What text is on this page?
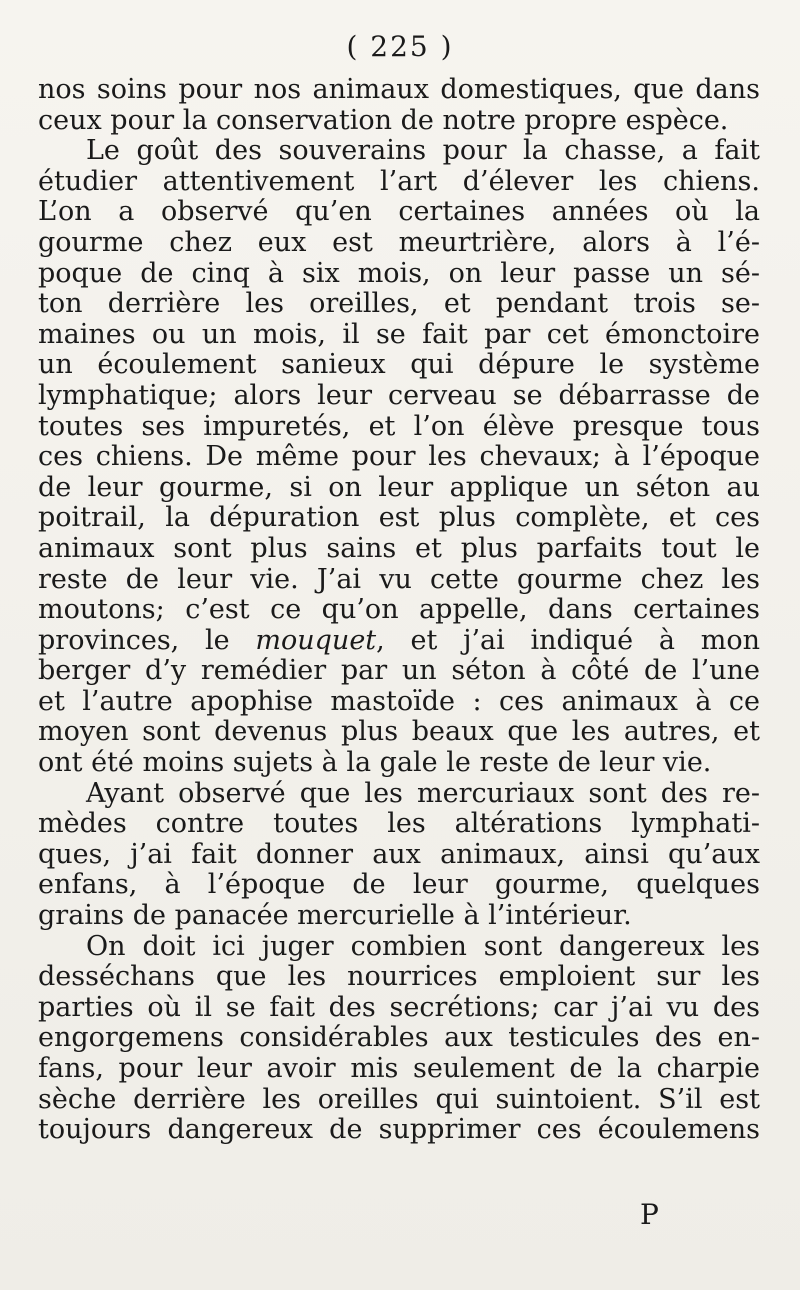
( 225 )
nos soins pour nos animaux domestiques, que dans
ceux pour la conservation de notre propre espèce.
Le goût des souverains pour la chasse, a fait
étudier attentivement l’art d’élever les chiens.
L’on a observé qu’en certaines années où la
gourme chez eux est meurtrière, alors à l’é-
poque de cinq à six mois, on leur passe un sé-
ton derrière les oreilles, et pendant trois se-
maines ou un mois, il se fait par cet émonctoire
un écoulement sanieux qui dépure le système
lymphatique; alors leur cerveau se débarrasse de
toutes ses impuretés, et l’on élève presque tous
ces chiens. De même pour les chevaux; à l’époque
de leur gourme, si on leur applique un séton au
poitrail, la dépuration est plus complète, et ces
animaux sont plus sains et plus parfaits tout le
reste de leur vie. J’ai vu cette gourme chez les
moutons; c’est ce qu’on appelle, dans certaines
provinces, le mouquet, et j’ai indiqué à mon
berger d’y remédier par un séton à côté de l’une
et l’autre apophise mastoïde : ces animaux à ce
moyen sont devenus plus beaux que les autres, et
ont été moins sujets à la gale le reste de leur vie.
Ayant observé que les mercuriaux sont des re-
mèdes contre toutes les altérations lymphati-
ques, j’ai fait donner aux animaux, ainsi qu’aux
enfans, à l’époque de leur gourme, quelques
grains de panacée mercurielle à l’intérieur.
On doit ici juger combien sont dangereux les
desséchans que les nourrices emploient sur les
parties où il se fait des secrétions; car j’ai vu des
engorgemens considérables aux testicules des en-
fans, pour leur avoir mis seulement de la charpie
sèche derrière les oreilles qui suintoient. S’il est
toujours dangereux de supprimer ces écoulemens
P
